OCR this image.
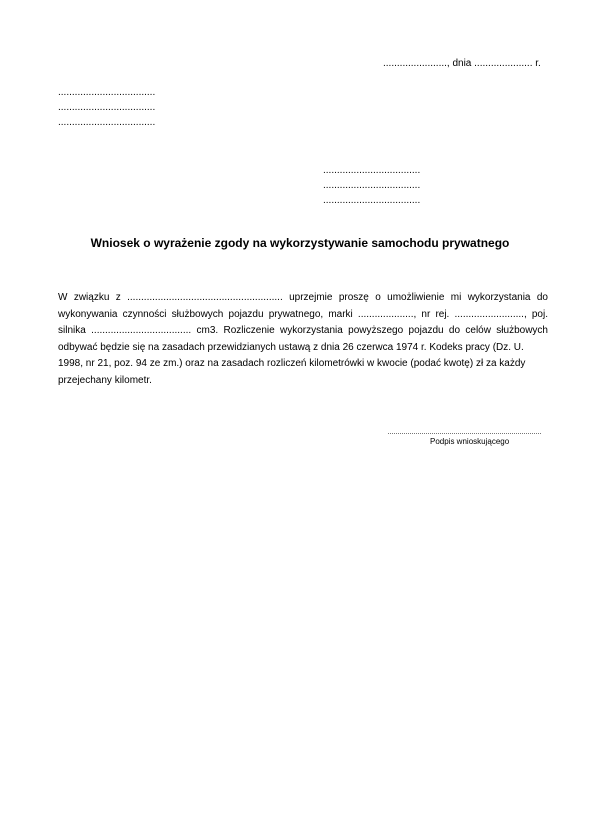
......................., dnia ..................... r.
...................................
...................................
...................................
...................................
...................................
...................................
Wniosek o wyrażenie zgody na wykorzystywanie samochodu prywatnego
W związku z ........................................................ uprzejmie proszę o umożliwienie mi wykorzystania do
wykonywania czynności służbowych pojazdu prywatnego, marki ...................., nr rej. ........................., poj.
silnika .................................... cm3. Rozliczenie wykorzystania powyższego pojazdu do celów służbowych
odbywać będzie się na zasadach przewidzianych ustawą z dnia 26 czerwca 1974 r. Kodeks pracy (Dz. U.
1998, nr 21, poz. 94 ze zm.) oraz na zasadach rozliczeń kilometrówki w kwocie (podać kwotę) zł za każdy
przejechany kilometr.
Podpis wnioskującego
